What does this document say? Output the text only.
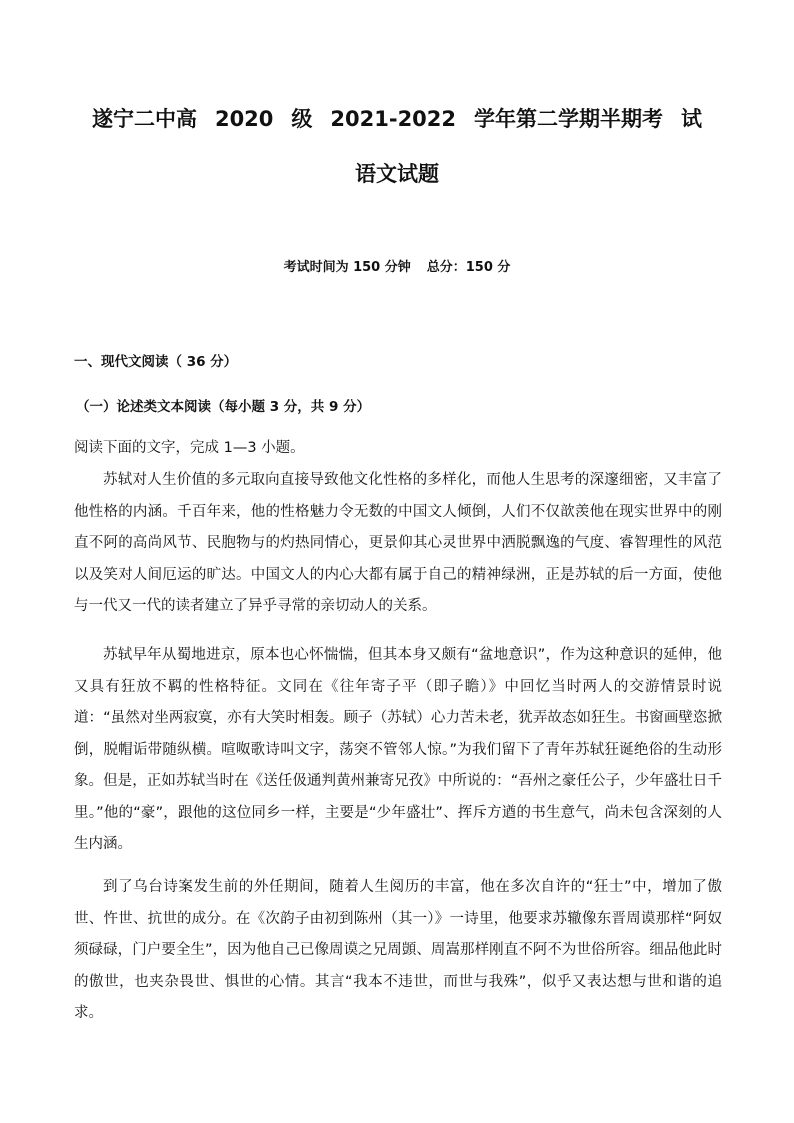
遂宁二中高 2020 级 2021-2022 学年第二学期半期考 试
语文试题
考试时间为 150 分钟 总分：150 分
一、现代文阅读（ 36 分）
（一）论述类文本阅读（每小题 3 分，共 9 分）
阅读下面的文字，完成 1—3 小题。
苏轼对人生价值的多元取向直接导致他文化性格的多样化，而他人生思考的深邃细密，又丰富了他性格的内涵。千百年来，他的性格魅力令无数的中国文人倾倒，人们不仅歆羡他在现实世界中的刚直不阿的高尚风节、民胞物与的灼热同情心，更景仰其心灵世界中洒脱飘逸的气度、睿智理性的风范以及笑对人间厄运的旷达。中国文人的内心大都有属于自己的精神绿洲，正是苏轼的后一方面，使他与一代又一代的读者建立了异乎寻常的亲切动人的关系。
苏轼早年从蜀地进京，原本也心怀惴惴，但其本身又颇有“盆地意识”，作为这种意识的延伸，他又具有狂放不羁的性格特征。文同在《往年寄子平（即子瞻）》中回忆当时两人的交游情景时说道：“虽然对坐两寂寞，亦有大笑时相轰。顾子（苏轼）心力苦未老，犹弄故态如狂生。书窗画壁恣掀倒，脱帽诟带随纵横。喧呶歌诗叫文字，荡突不管邻人惊。”为我们留下了青年苏轼狂诞绝俗的生动形象。但是，正如苏轼当时在《送任伋通判黄州兼寄兄孜》中所说的：“吾州之豪任公子，少年盛壮日千里。”他的“豪”，跟他的这位同乡一样，主要是“少年盛壮”、挥斥方遒的书生意气，尚未包含深刻的人生内涵。
到了乌台诗案发生前的外任期间，随着人生阅历的丰富，他在多次自许的“狂士”中，增加了傲世、忤世、抗世的成分。在《次韵子由初到陈州（其一）》一诗里，他要求苏辙像东晋周谟那样“阿奴须碌碌，门户要全生”，因为他自己已像周谟之兄周顗、周嵩那样刚直不阿不为世俗所容。细品他此时的傲世，也夹杂畏世、惧世的心情。其言“我本不违世，而世与我殊”，似乎又表达想与世和谐的追求。
